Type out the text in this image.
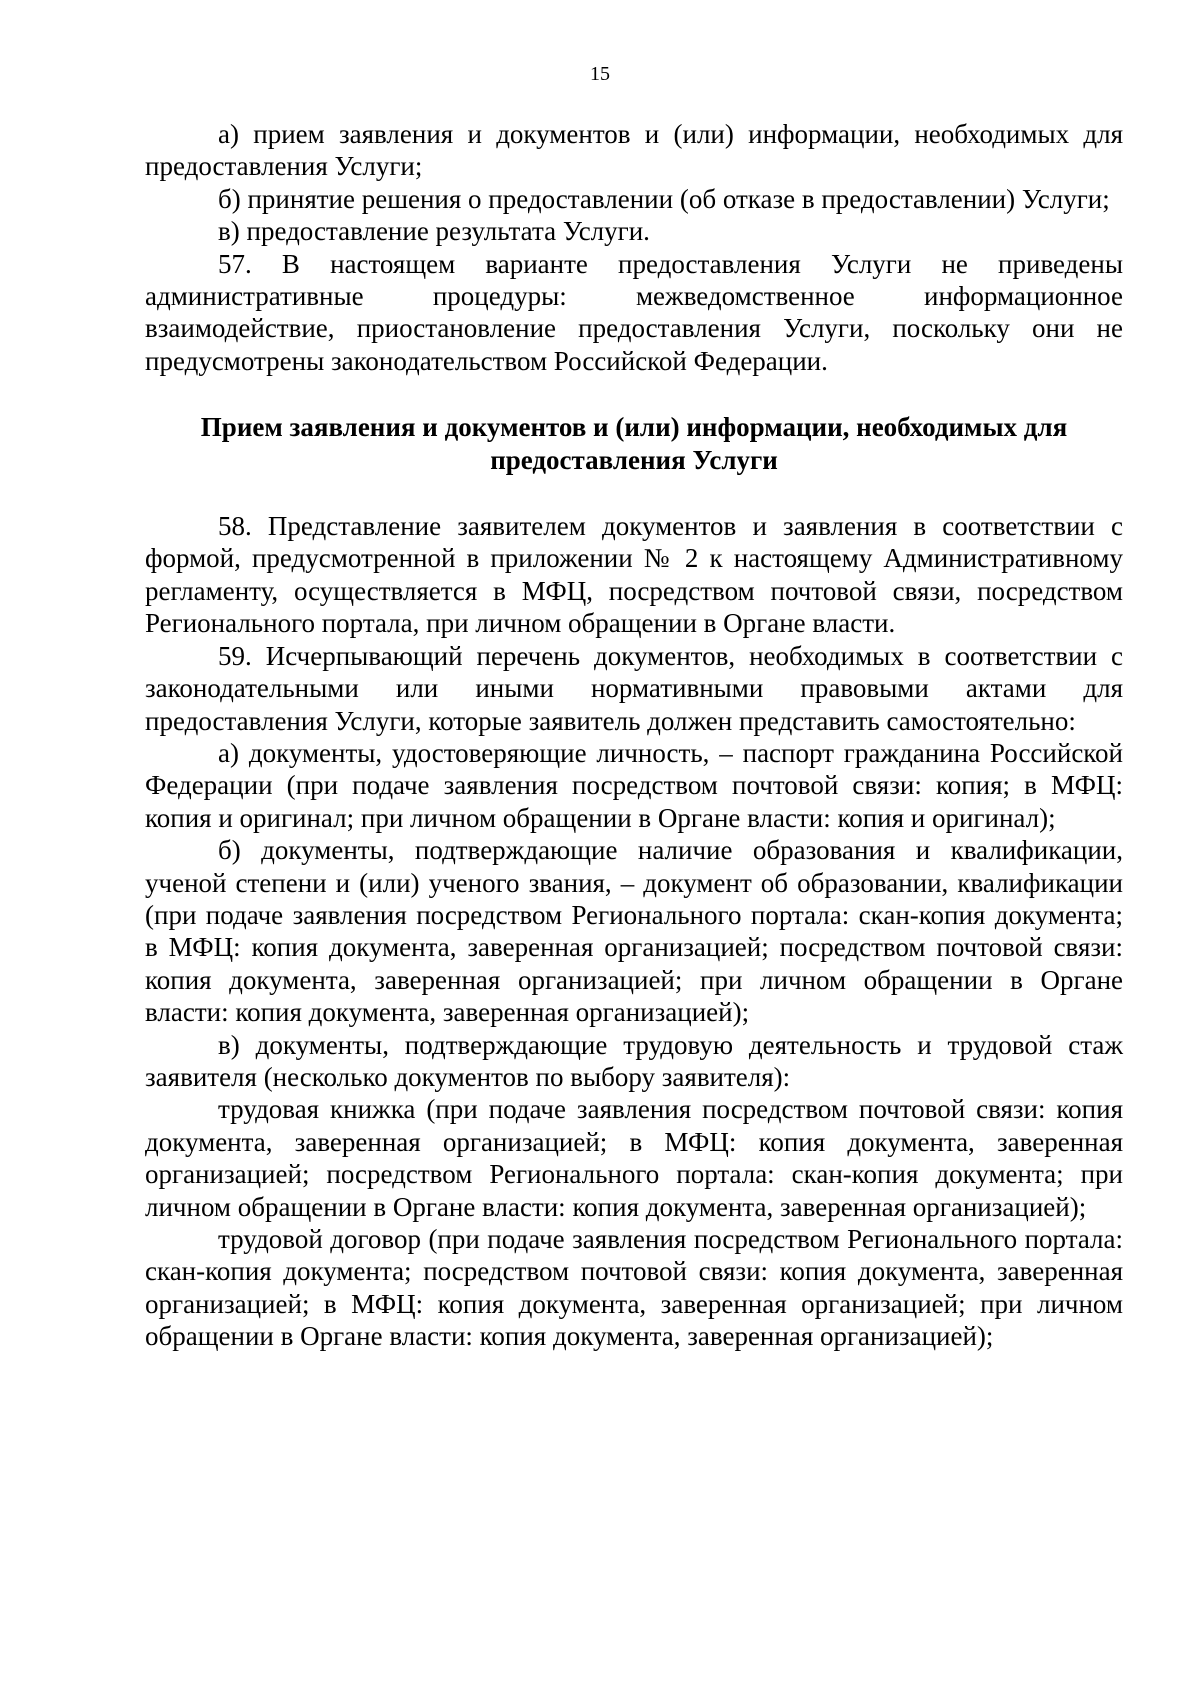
15

а) прием заявления и документов и (или) информации, необходимых для предоставления Услуги;

б) принятие решения о предоставлении (об отказе в предоставлении) Услуги;

в) предоставление результата Услуги.

57. В настоящем варианте предоставления Услуги не приведены административные процедуры: межведомственное информационное взаимодействие, приостановление предоставления Услуги, поскольку они не предусмотрены законодательством Российской Федерации.

Прием заявления и документов и (или) информации, необходимых для предоставления Услуги

58. Представление заявителем документов и заявления в соответствии с формой, предусмотренной в приложении № 2 к настоящему Административному регламенту, осуществляется в МФЦ, посредством почтовой связи, посредством Регионального портала, при личном обращении в Органе власти.

59. Исчерпывающий перечень документов, необходимых в соответствии с законодательными или иными нормативными правовыми актами для предоставления Услуги, которые заявитель должен представить самостоятельно:

а) документы, удостоверяющие личность, – паспорт гражданина Российской Федерации (при подаче заявления посредством почтовой связи: копия; в МФЦ: копия и оригинал; при личном обращении в Органе власти: копия и оригинал);

б) документы, подтверждающие наличие образования и квалификации, ученой степени и (или) ученого звания, – документ об образовании, квалификации (при подаче заявления посредством Регионального портала: скан-копия документа; в МФЦ: копия документа, заверенная организацией; посредством почтовой связи: копия документа, заверенная организацией; при личном обращении в Органе власти: копия документа, заверенная организацией);

в) документы, подтверждающие трудовую деятельность и трудовой стаж заявителя (несколько документов по выбору заявителя):

трудовая книжка (при подаче заявления посредством почтовой связи: копия документа, заверенная организацией; в МФЦ: копия документа, заверенная организацией; посредством Регионального портала: скан-копия документа; при личном обращении в Органе власти: копия документа, заверенная организацией);

трудовой договор (при подаче заявления посредством Регионального портала: скан-копия документа; посредством почтовой связи: копия документа, заверенная организацией; в МФЦ: копия документа, заверенная организацией; при личном обращении в Органе власти: копия документа, заверенная организацией);
